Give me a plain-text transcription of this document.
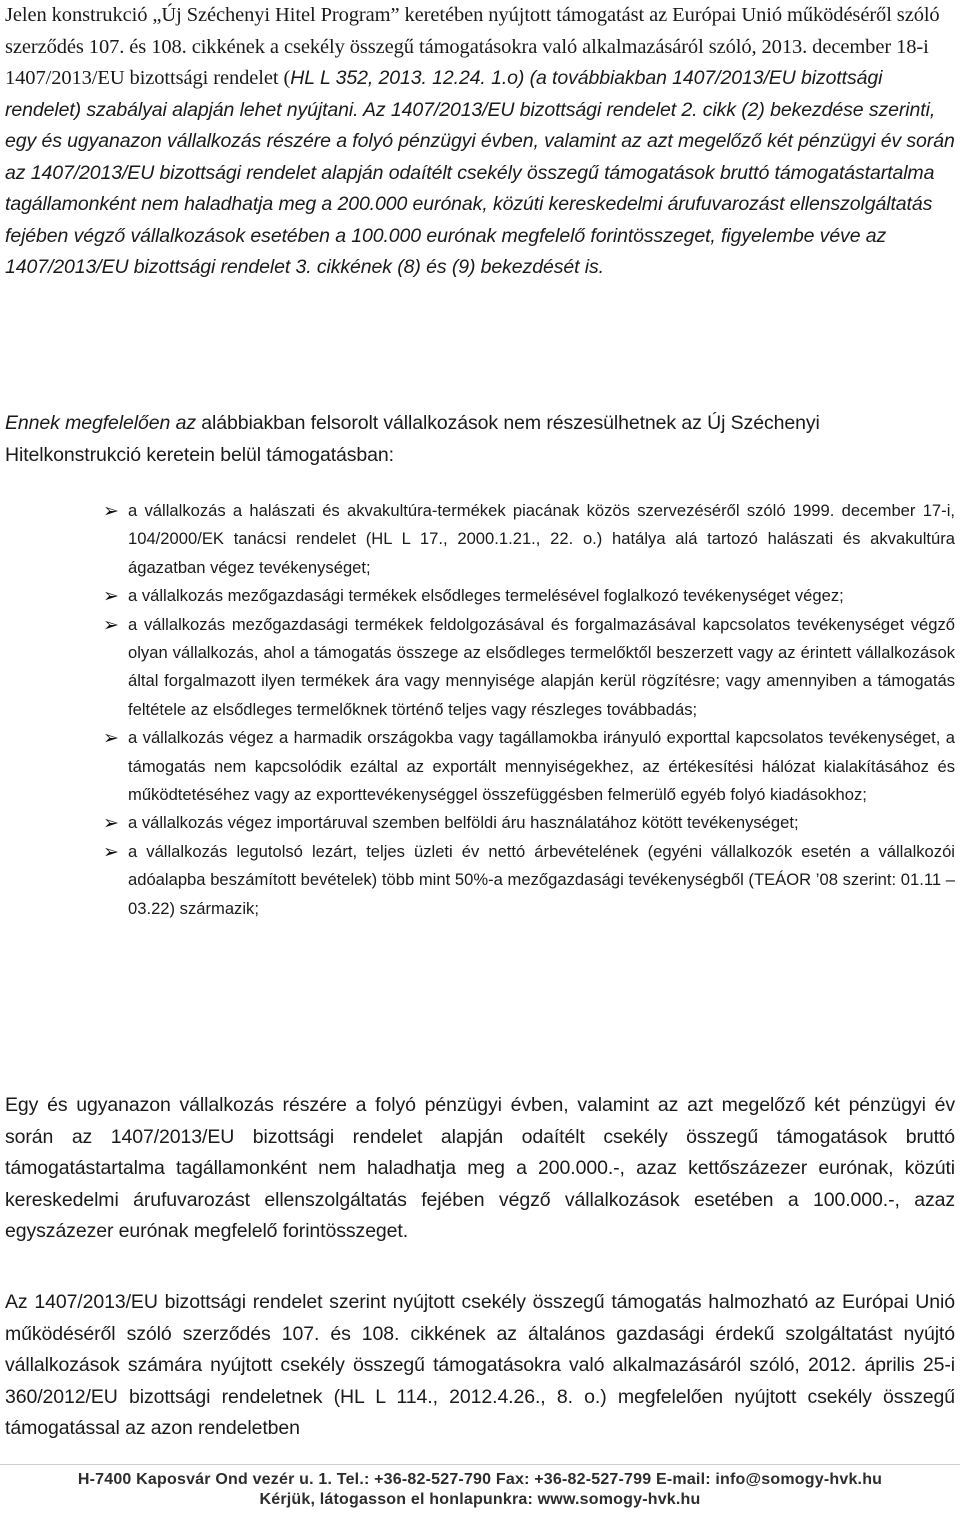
Jelen konstrukció „Új Széchenyi Hitel Program” keretében nyújtott támogatást az Európai Unió működéséről szóló szerződés 107. és 108. cikkének a csekély összegű támogatásokra való alkalmazásáról szóló, 2013. december 18-i 1407/2013/EU bizottsági rendelet (HL L 352, 2013. 12.24. 1.o) (a továbbiakban 1407/2013/EU bizottsági rendelet) szabályai alapján lehet nyújtani. Az 1407/2013/EU bizottsági rendelet 2. cikk (2) bekezdése szerinti, egy és ugyanazon vállalkozás részére a folyó pénzügyi évben, valamint az azt megelőző két pénzügyi év során az 1407/2013/EU bizottsági rendelet alapján odaítélt csekély összegű támogatások bruttó támogatástartalma tagállamonként nem haladhatja meg a 200.000 eurónak, közúti kereskedelmi árufuvarozást ellenszolgáltatás fejében végző vállalkozások esetében a 100.000 eurónak megfelelő forintösszeget, figyelembe véve az 1407/2013/EU bizottsági rendelet 3. cikkének (8) és (9) bekezdését is.

Ennek megfelelően az alábbiakban felsorolt vállalkozások nem részesülhetnek az Új Széchenyi Hitelkonstrukció keretein belül támogatásban:

➢ a vállalkozás a halászati és akvakultúra-termékek piacának közös szervezéséről szóló 1999. december 17-i, 104/2000/EK tanácsi rendelet (HL L 17., 2000.1.21., 22. o.) hatálya alá tartozó halászati és akvakultúra ágazatban végez tevékenységet;
➢ a vállalkozás mezőgazdasági termékek elsődleges termelésével foglalkozó tevékenységet végez;
➢ a vállalkozás mezőgazdasági termékek feldolgozásával és forgalmazásával kapcsolatos tevékenységet végző olyan vállalkozás, ahol a támogatás összege az elsődleges termelőktől beszerzett vagy az érintett vállalkozások által forgalmazott ilyen termékek ára vagy mennyisége alapján kerül rögzítésre; vagy amennyiben a támogatás feltétele az elsődleges termelőknek történő teljes vagy részleges továbbadás;
➢ a vállalkozás végez a harmadik országokba vagy tagállamokba irányuló exporttal kapcsolatos tevékenységet, a támogatás nem kapcsolódik ezáltal az exportált mennyiségekhez, az értékesítési hálózat kialakításához és működtetéséhez vagy az exporttevékenységgel összefüggésben felmerülő egyéb folyó kiadásokhoz;
➢ a vállalkozás végez importáruval szemben belföldi áru használatához kötött tevékenységet;
➢ a vállalkozás legutolsó lezárt, teljes üzleti év nettó árbevételének (egyéni vállalkozók esetén a vállalkozói adóalapba beszámított bevételek) több mint 50%-a mezőgazdasági tevékenységből (TEÁOR ’08 szerint: 01.11 – 03.22) származik;

Egy és ugyanazon vállalkozás részére a folyó pénzügyi évben, valamint az azt megelőző két pénzügyi év során az 1407/2013/EU bizottsági rendelet alapján odaítélt csekély összegű támogatások bruttó támogatástartalma tagállamonként nem haladhatja meg a 200.000.-, azaz kettőszázezer eurónak, közúti kereskedelmi árufuvarozást ellenszolgáltatás fejében végző vállalkozások esetében a 100.000.-, azaz egyszázezer eurónak megfelelő forintösszeget.

Az 1407/2013/EU bizottsági rendelet szerint nyújtott csekély összegű támogatás halmozható az Európai Unió működéséről szóló szerződés 107. és 108. cikkének az általános gazdasági érdekű szolgáltatást nyújtó vállalkozások számára nyújtott csekély összegű támogatásokra való alkalmazásáról szóló, 2012. április 25-i 360/2012/EU bizottsági rendeletnek (HL L 114., 2012.4.26., 8. o.) megfelelően nyújtott csekély összegű támogatással az azon rendeletben

H-7400 Kaposvár Ond vezér u. 1. Tel.: +36-82-527-790 Fax: +36-82-527-799 E-mail: info@somogy-hvk.hu
Kérjük, látogasson el honlapunkra: www.somogy-hvk.hu
